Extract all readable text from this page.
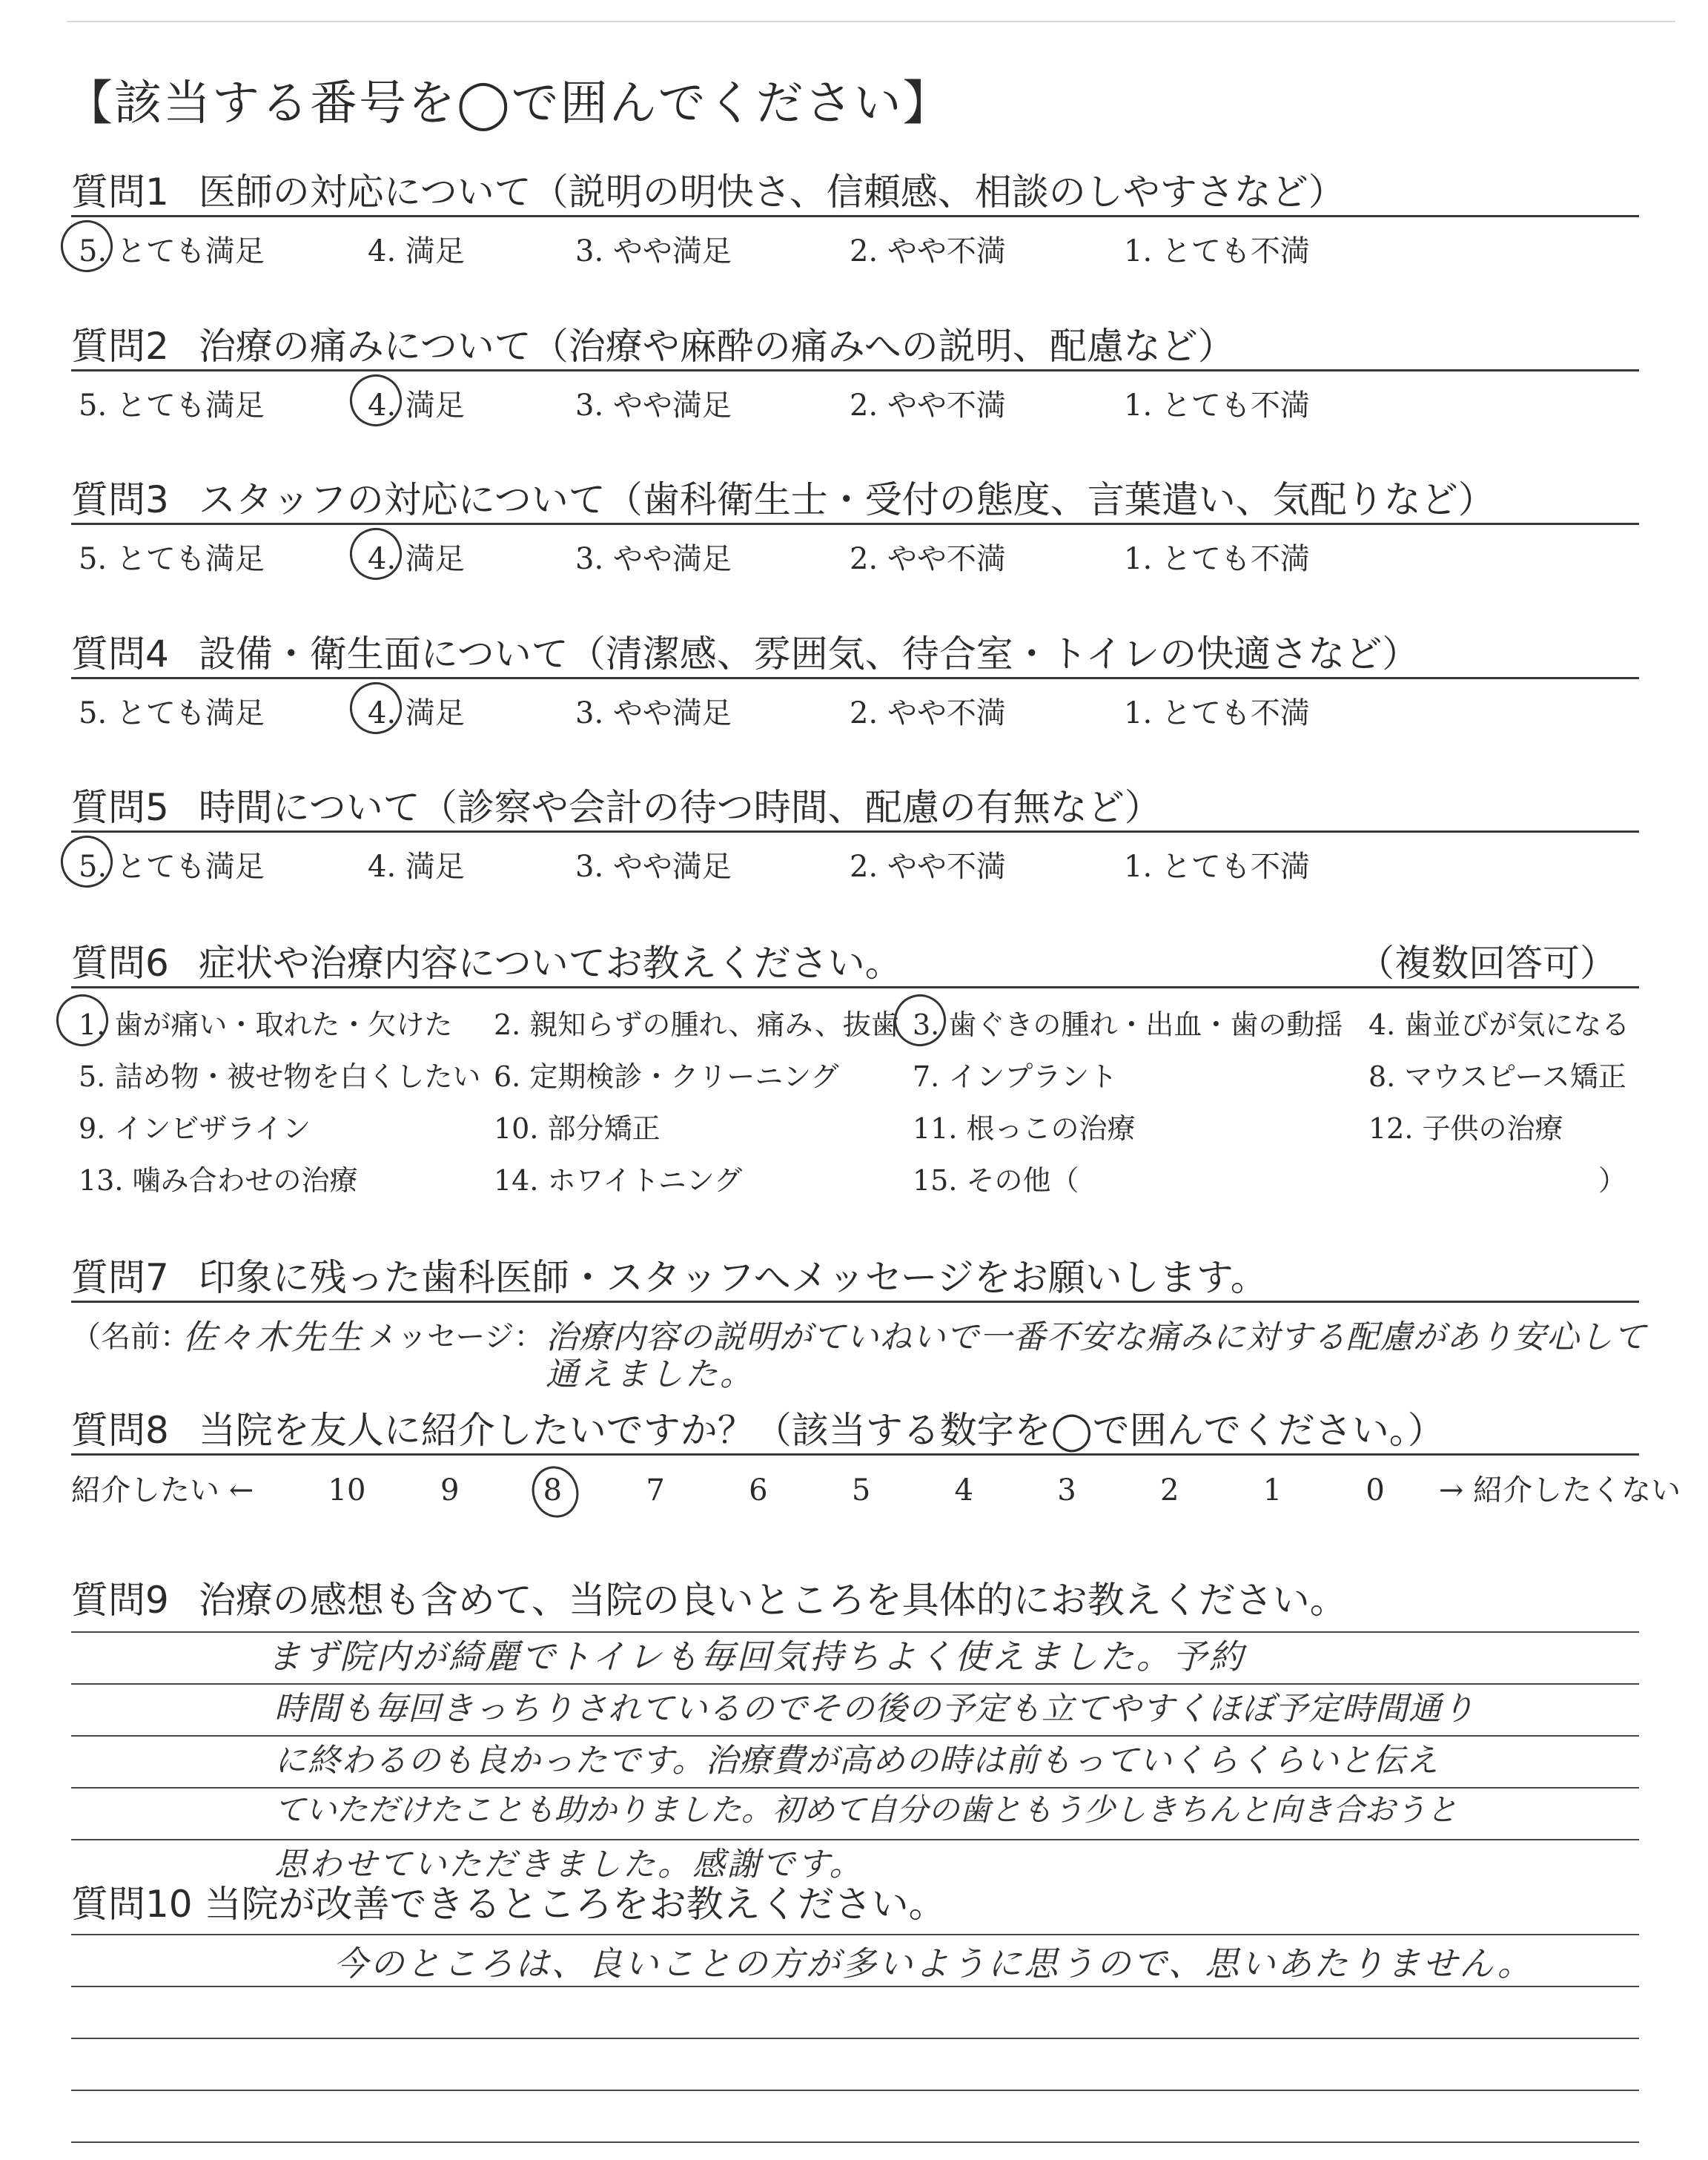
【該当する番号を◯で囲んでください】
質問1 医師の対応について（説明の明快さ、信頼感、相談のしやすさなど）
5. とても満足	4. 満足	3. やや満足	2. やや不満	1. とても不満
質問2 治療の痛みについて（治療や麻酔の痛みへの説明、配慮など）
5. とても満足	4. 満足	3. やや満足	2. やや不満	1. とても不満
質問3 スタッフの対応について（歯科衛生士・受付の態度、言葉遣い、気配りなど）
5. とても満足	4. 満足	3. やや満足	2. やや不満	1. とても不満
質問4 設備・衛生面について（清潔感、雰囲気、待合室・トイレの快適さなど）
5. とても満足	4. 満足	3. やや満足	2. やや不満	1. とても不満
質問5 時間について（診察や会計の待つ時間、配慮の有無など）
5. とても満足	4. 満足	3. やや満足	2. やや不満	1. とても不満
質問6 症状や治療内容についてお教えください。	（複数回答可）
1. 歯が痛い・取れた・欠けた 2. 親知らずの腫れ、痛み、抜歯 3. 歯ぐきの腫れ・出血・歯の動揺 4. 歯並びが気になる
5. 詰め物・被せ物を白くしたい 6. 定期検診・クリーニング	7. インプラント	8. マウスピース矯正
9. インビザライン	10. 部分矯正	11. 根っこの治療	12. 子供の治療
13. 噛み合わせの治療	14. ホワイトニング	15. その他（	）
質問7 印象に残った歯科医師・スタッフへメッセージをお願いします。
（名前：
佐々木先生 メッセージ： 治療内容の説明がていねいで一番不安な痛みに対する配慮があり安心して
通えました。
質問8 当院を友人に紹介したいですか？（該当する数字を◯で囲んでください。）
紹介したい ←	10	9	8	7	6	5	4	3	2	1	0 → 紹介したくない
質問9 治療の感想も含めて、当院の良いところを具体的にお教えください。
まず院内が綺麗でトイレも毎回気持ちよく使えました。予約
時間も毎回きっちりされているのでその後の予定も立てやすくほぼ予定時間通り
に終わるのも良かったです。治療費が高めの時は前もっていくらくらいと伝え
ていただけたことも助かりました。初めて自分の歯ともう少しきちんと向き合おうと
思わせていただきました。感謝です。
質問10 当院が改善できるところをお教えください。
今のところは、良いことの方が多いように思うので、思いあたりません。
